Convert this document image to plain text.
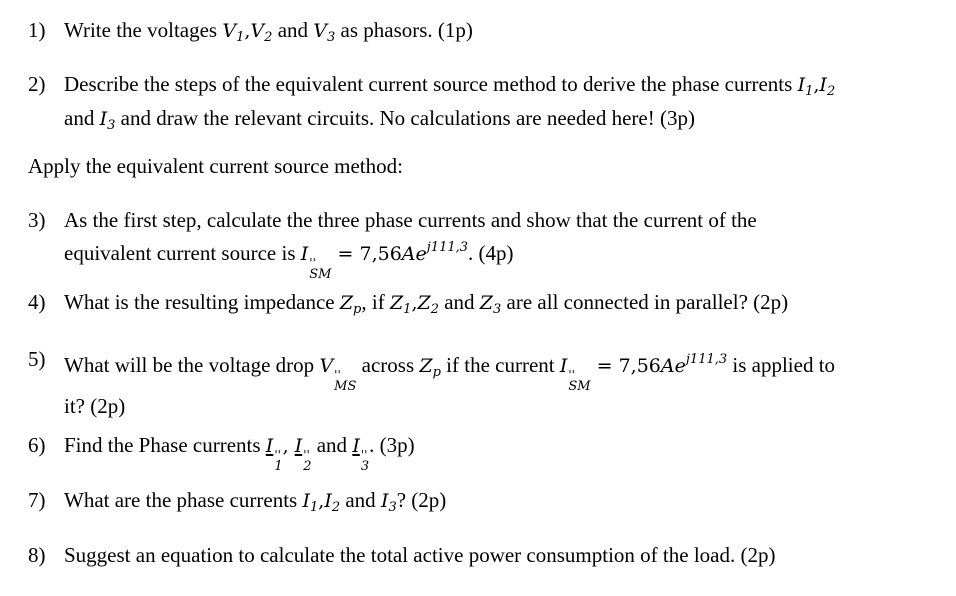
1) Write the voltages $V_1,V_2$ and $V_3$ as phasors. (1p)
2) Describe the steps of the equivalent current source method to derive the phase currents $I_1,I_2$
and $I_3$ and draw the relevant circuits. No calculations are needed here! (3p)
Apply the equivalent current source method:
3) As the first step, calculate the three phase currents and show that the current of the
equivalent current source is I ''
SM
= $7,56Ae^{j111,3}$. (4p)
4) What is the resulting impedance $Z_p$, if $Z_1,Z_2$ and $Z_3$ are all connected in parallel? (2p)
5) What will be the voltage drop V ''
MS
across $Z_p$ if the current I ''
SM
= $7,56Ae^{j111,3}$ is applied to
it? (2p)
6) Find the Phase currents I ''
1
, I ''
2
and I ''
3
. (3p)
7) What are the phase currents $I_1,I_2$ and $I_3$? (2p)
8) Suggest an equation to calculate the total active power consumption of the load. (2p)
